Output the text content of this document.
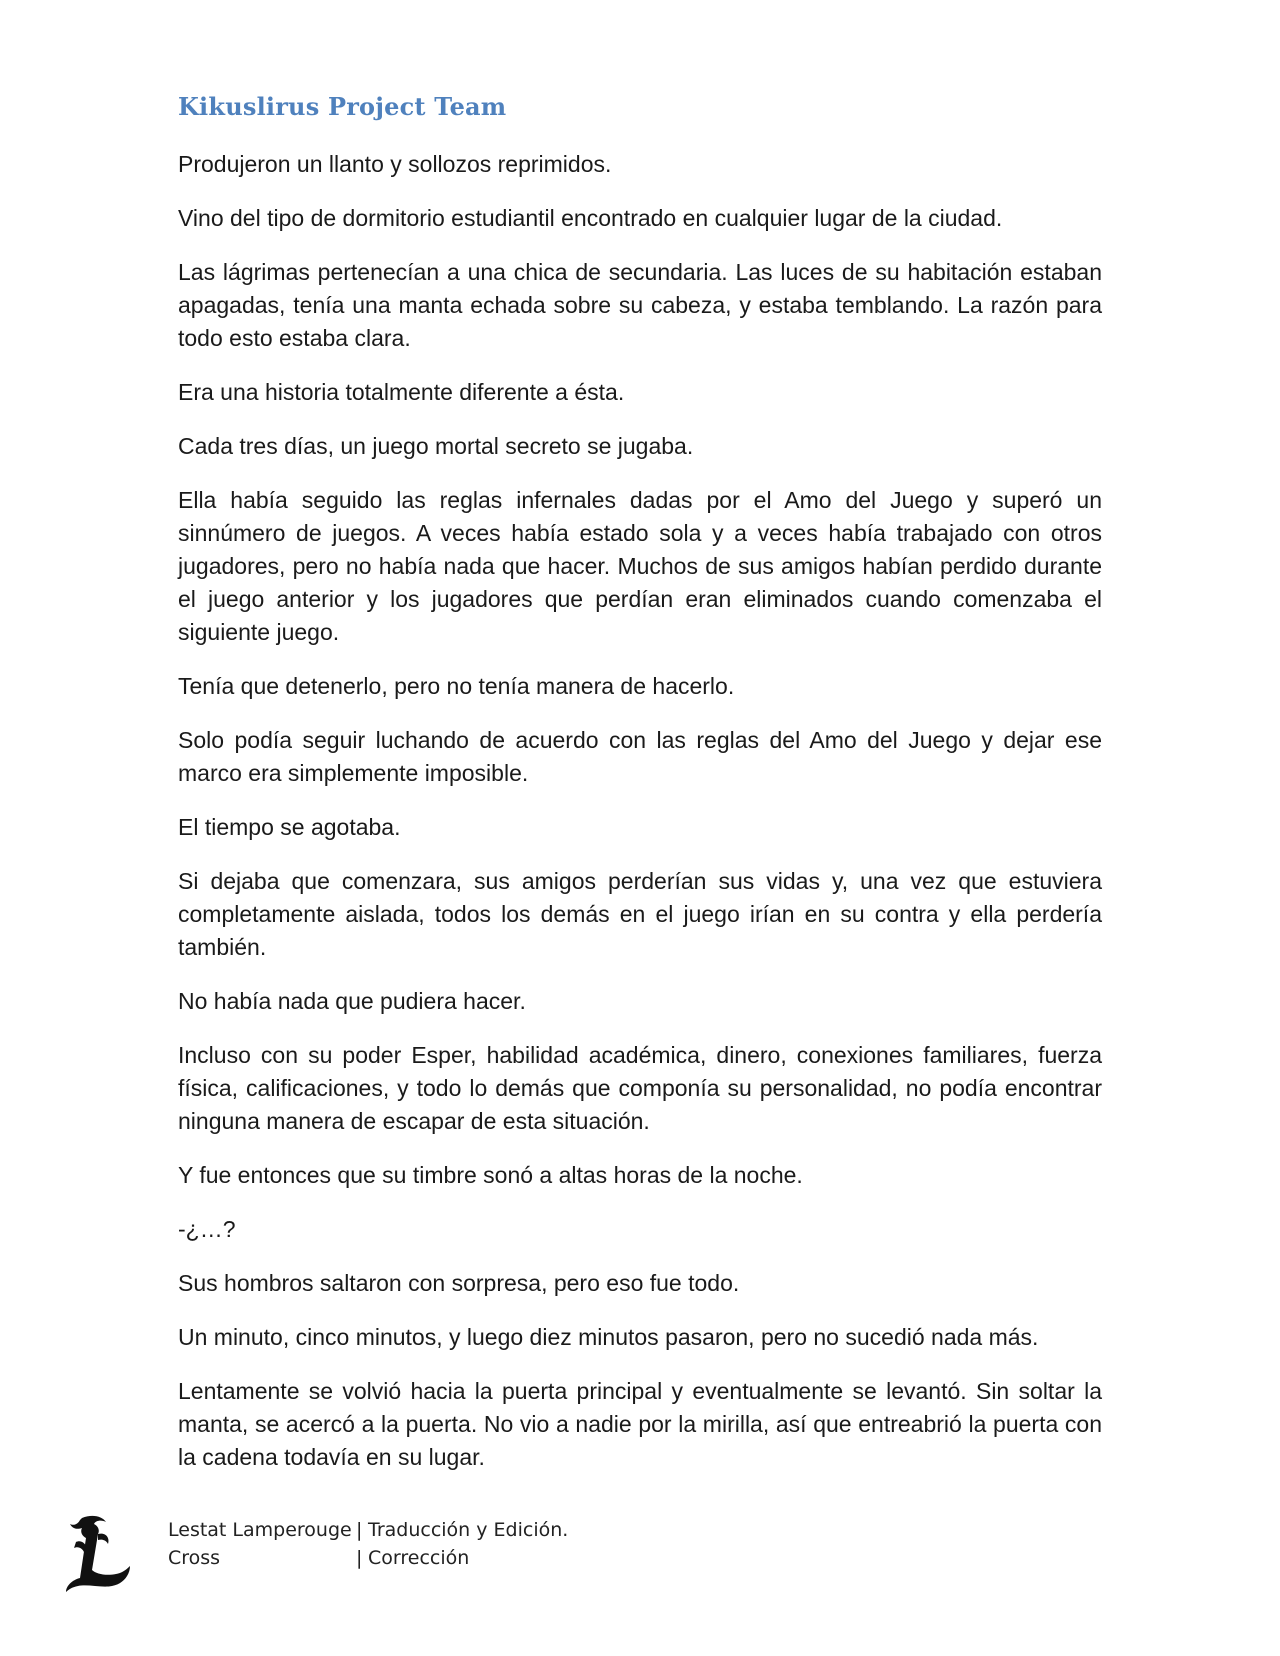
Kikuslirus Project Team

Produjeron un llanto y sollozos reprimidos.

Vino del tipo de dormitorio estudiantil encontrado en cualquier lugar de la ciudad.

Las lágrimas pertenecían a una chica de secundaria. Las luces de su habitación estaban apagadas, tenía una manta echada sobre su cabeza, y estaba temblando. La razón para todo esto estaba clara.

Era una historia totalmente diferente a ésta.

Cada tres días, un juego mortal secreto se jugaba.

Ella había seguido las reglas infernales dadas por el Amo del Juego y superó un sinnúmero de juegos. A veces había estado sola y a veces había trabajado con otros jugadores, pero no había nada que hacer. Muchos de sus amigos habían perdido durante el juego anterior y los jugadores que perdían eran eliminados cuando comenzaba el siguiente juego.

Tenía que detenerlo, pero no tenía manera de hacerlo.

Solo podía seguir luchando de acuerdo con las reglas del Amo del Juego y dejar ese marco era simplemente imposible.

El tiempo se agotaba.

Si dejaba que comenzara, sus amigos perderían sus vidas y, una vez que estuviera completamente aislada, todos los demás en el juego irían en su contra y ella perdería también.

No había nada que pudiera hacer.

Incluso con su poder Esper, habilidad académica, dinero, conexiones familiares, fuerza física, calificaciones, y todo lo demás que componía su personalidad, no podía encontrar ninguna manera de escapar de esta situación.

Y fue entonces que su timbre sonó a altas horas de la noche.

-¿…?

Sus hombros saltaron con sorpresa, pero eso fue todo.

Un minuto, cinco minutos, y luego diez minutos pasaron, pero no sucedió nada más.

Lentamente se volvió hacia la puerta principal y eventualmente se levantó. Sin soltar la manta, se acercó a la puerta. No vio a nadie por la mirilla, así que entreabrió la puerta con la cadena todavía en su lugar.

Lestat Lamperouge | Traducción y Edición.
Cross	| Corrección
